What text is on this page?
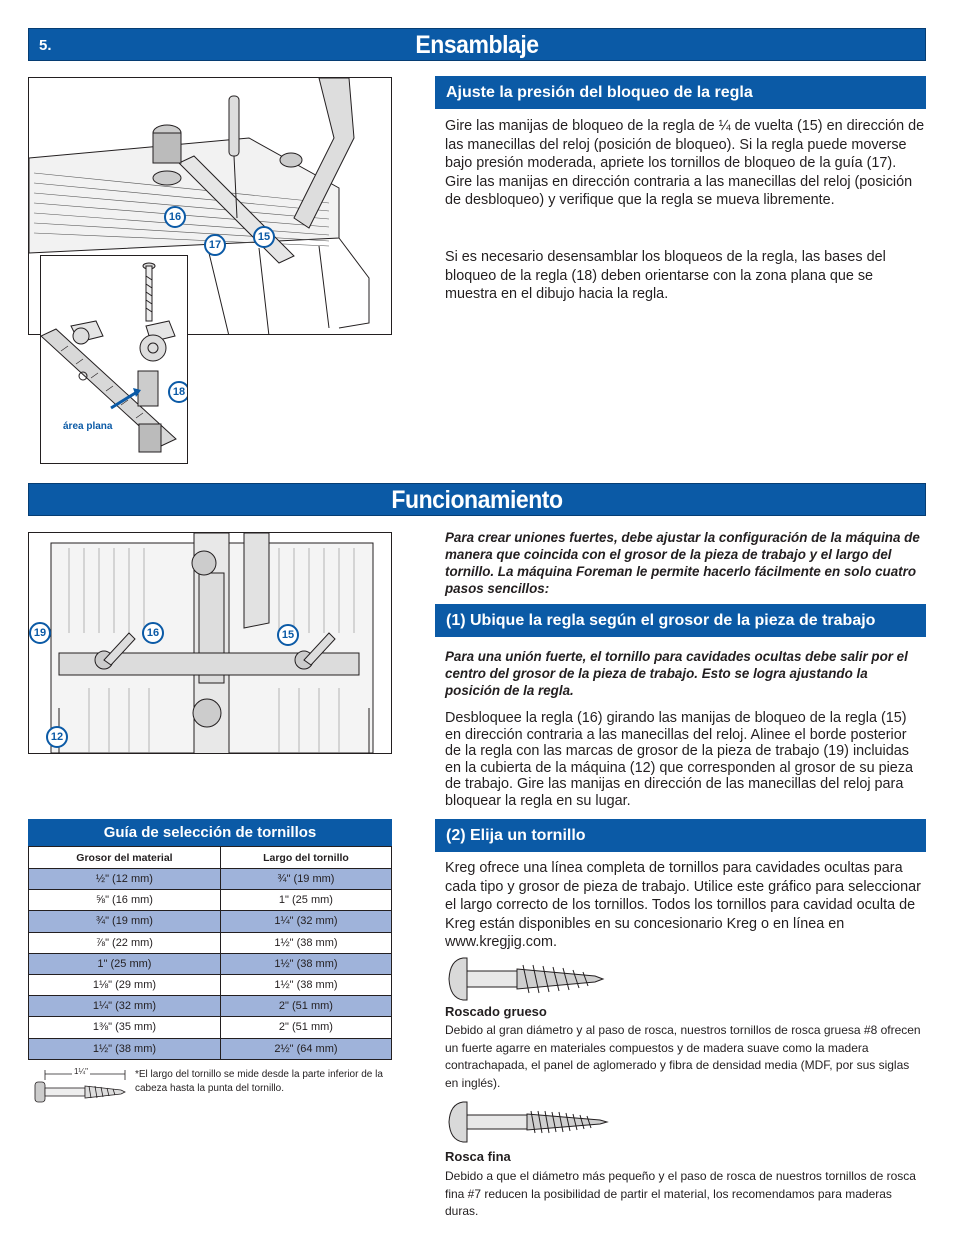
5.	Ensamblaje
16
17
15
18
área plana
Ajuste la presión del bloqueo de la regla
Gire las manijas de bloqueo de la regla de ¼ de vuelta (15) en dirección de las manecillas del reloj (posición de bloqueo). Si la regla puede moverse bajo presión moderada, apriete los tornillos de bloqueo de la guía (17). Gire las manijas en dirección contraria a las manecillas del reloj (posición de desbloqueo) y verifique que la regla se mueva libremente.
Si es necesario desensamblar los bloqueos de la regla, las bases del bloqueo de la regla (18) deben orientarse con la zona plana que se muestra en el dibujo hacia la regla.
Funcionamiento
19	16	15
12
Para crear uniones fuertes, debe ajustar la configuración de la máquina de manera que coincida con el grosor de la pieza de trabajo y el largo del tornillo. La máquina Foreman le permite hacerlo fácilmente en solo cuatro pasos sencillos:
(1) Ubique la regla según el grosor de la pieza de trabajo
Para una unión fuerte, el tornillo para cavidades ocultas debe salir por el centro del grosor de la pieza de trabajo. Esto se logra ajustando la posición de la regla.
Desbloquee la regla (16) girando las manijas de bloqueo de la regla (15) en dirección contraria a las manecillas del reloj. Alinee el borde posterior de la regla con las marcas de grosor de la pieza de trabajo (19) incluidas en la cubierta de la máquina (12) que corresponden al grosor de su pieza de trabajo. Gire las manijas en dirección de las manecillas del reloj para bloquear la regla en su lugar.
(2) Elija un tornillo
Kreg ofrece una línea completa de tornillos para cavidades ocultas para cada tipo y grosor de pieza de trabajo. Utilice este gráfico para seleccionar el largo correcto de los tornillos. Todos los tornillos para cavidad oculta de Kreg están disponibles en su concesionario Kreg o en línea en www.kregjig.com.
Guía de selección de tornillos
Grosor del material	Largo del tornillo
½" (12 mm)	¾" (19 mm)
⅝" (16 mm)	1" (25 mm)
¾" (19 mm)	1¼" (32 mm)
⅞" (22 mm)	1½" (38 mm)
1" (25 mm)	1½" (38 mm)
1⅛" (29 mm)	1½" (38 mm)
1¼" (32 mm)	2" (51 mm)
1⅜" (35 mm)	2" (51 mm)
1½" (38 mm)	2½" (64 mm)
1¼"	*El largo del tornillo se mide desde la parte inferior de la cabeza hasta la punta del tornillo.
Roscado grueso
Debido al gran diámetro y al paso de rosca, nuestros tornillos de rosca gruesa #8 ofrecen un fuerte agarre en materiales compuestos y de madera suave como la madera contrachapada, el panel de aglomerado y fibra de densidad media (MDF, por sus siglas en inglés).
Rosca fina
Debido a que el diámetro más pequeño y el paso de rosca de nuestros tornillos de rosca fina #7 reducen la posibilidad de partir el material, los recomendamos para maderas duras.
